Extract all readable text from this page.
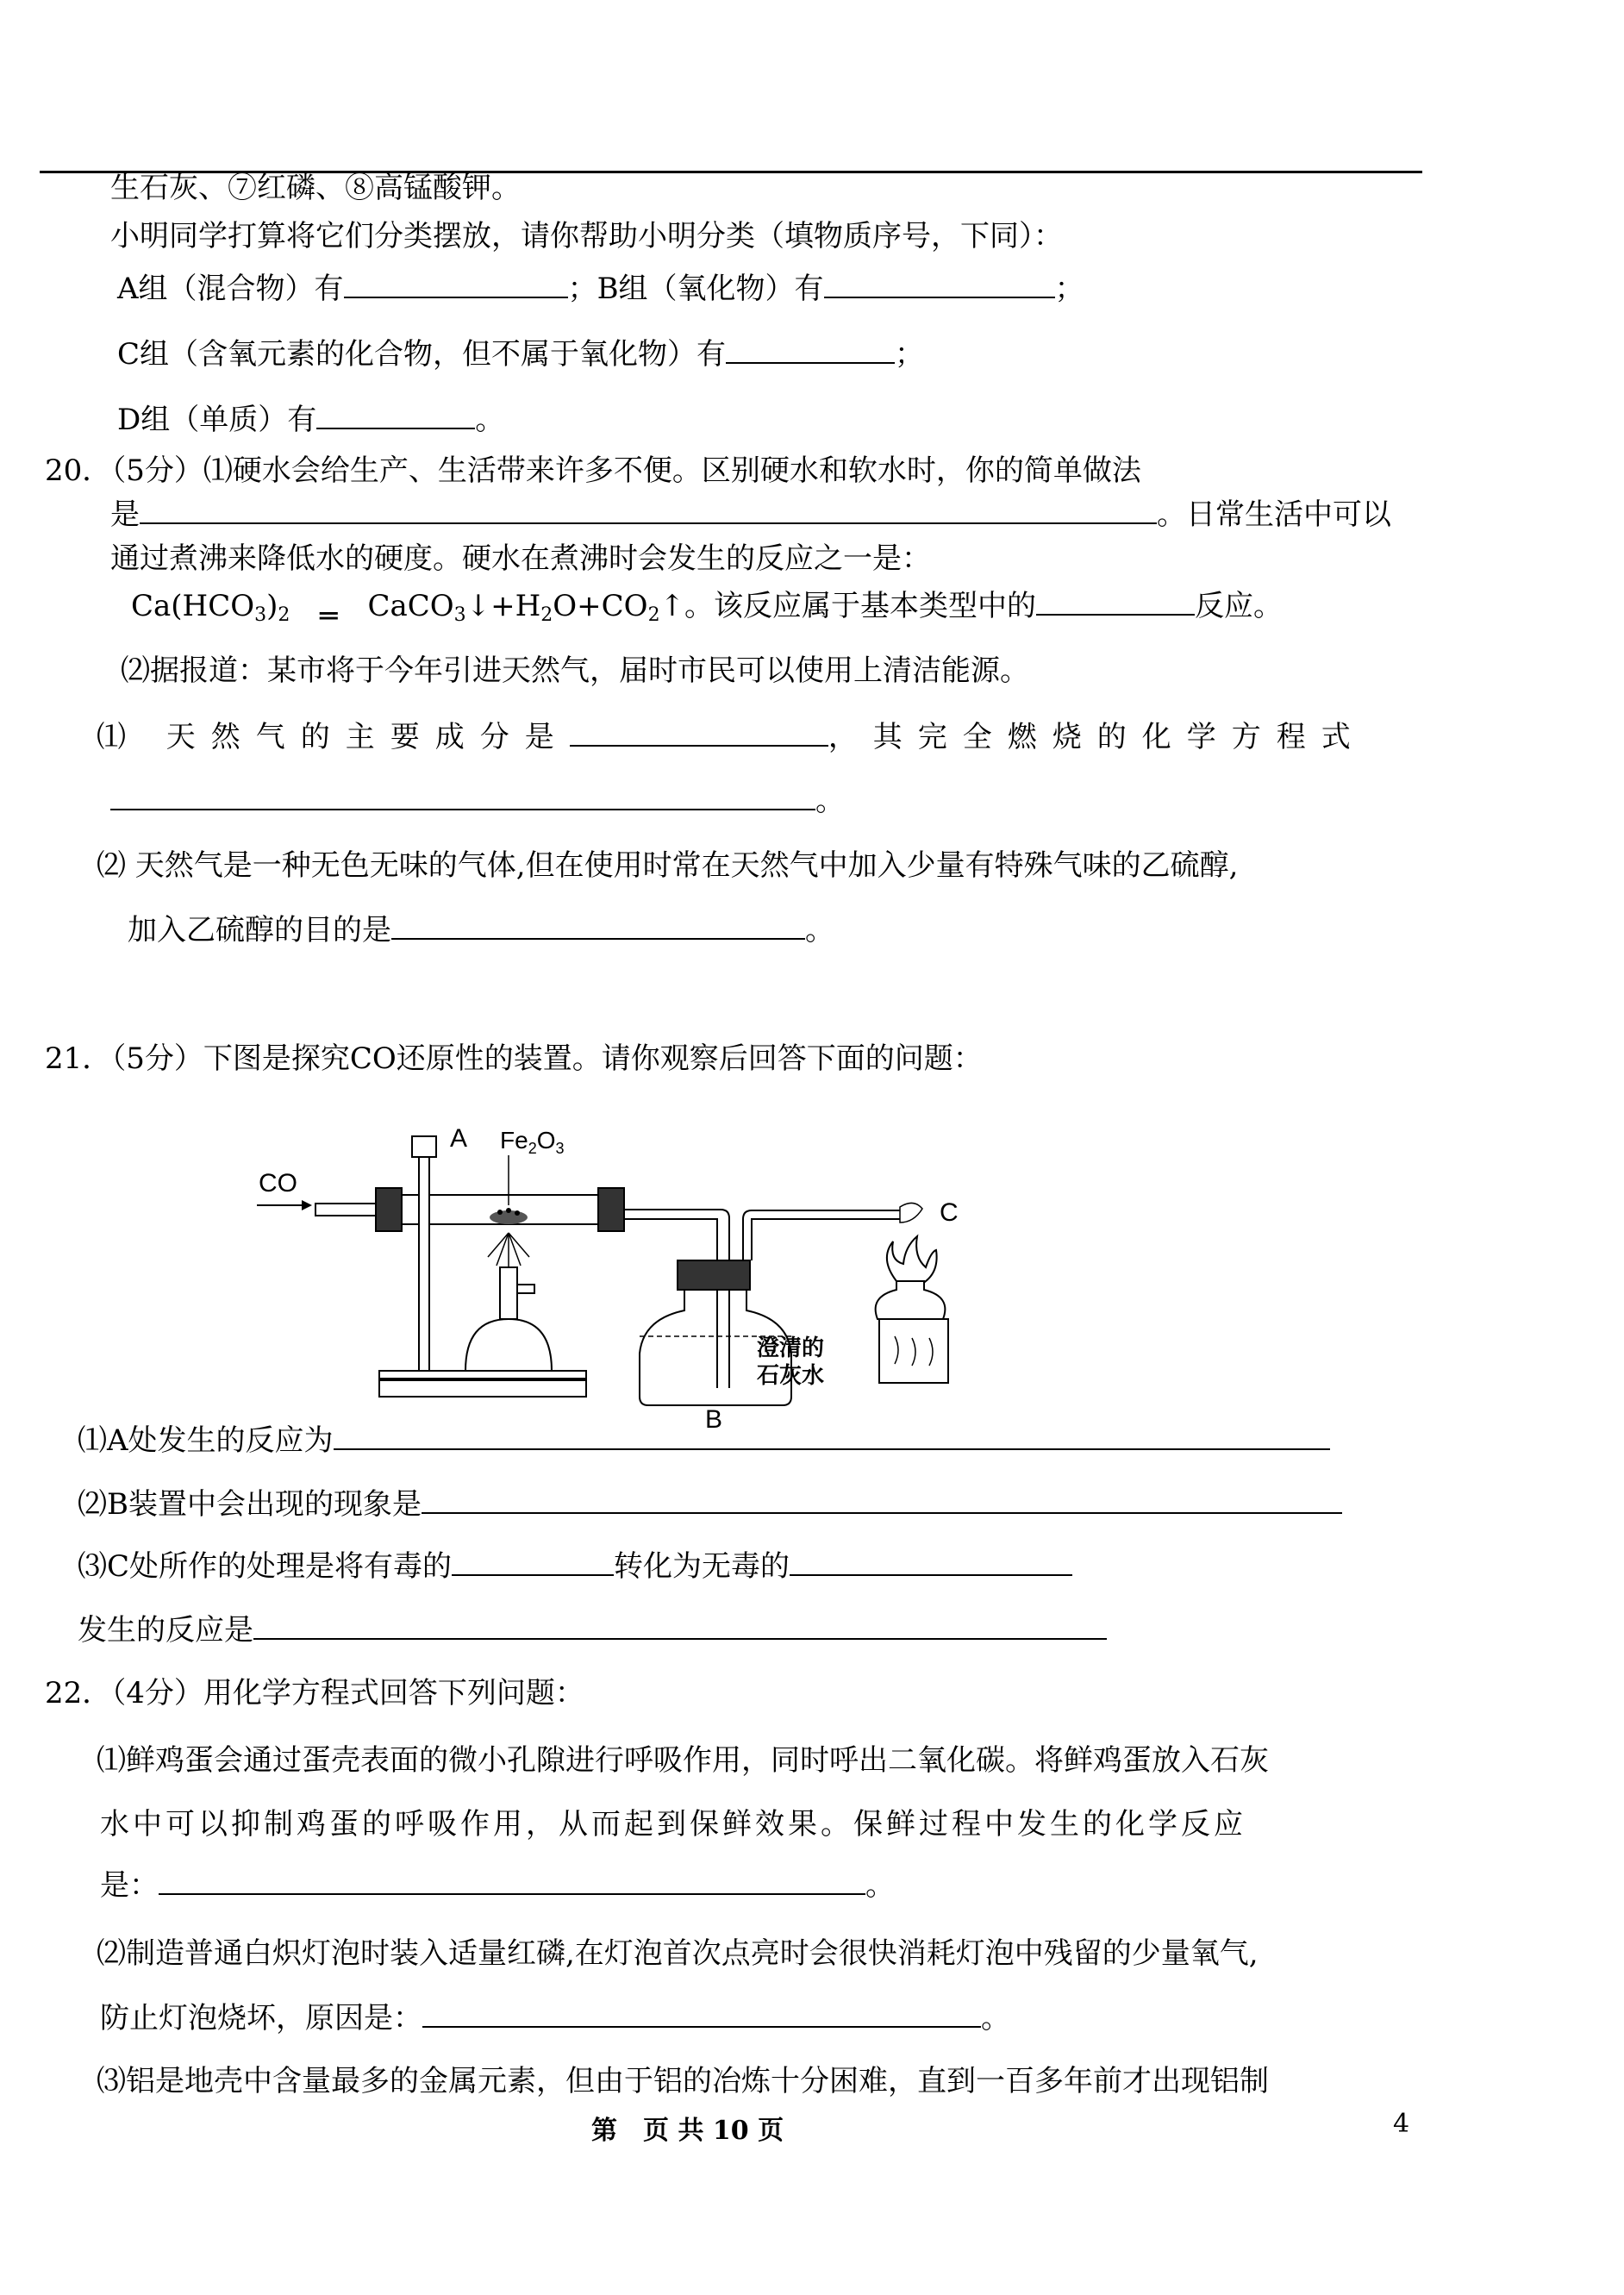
生石灰、⑦红磷、⑧高锰酸钾。
小明同学打算将它们分类摆放，请你帮助小明分类（填物质序号，下同）：
A组（混合物）有	；B组（氧化物）有	；
C组（含氧元素的化合物，但不属于氧化物）有	；
D组（单质）有	。
20．（5分）⑴硬水会给生产、生活带来许多不便。区别硬水和软水时，你的简单做法
是	。日常生活中可以
通过煮沸来降低水的硬度。硬水在煮沸时会发生的反应之一是：
$Ca(HCO_3)_2$ ═ $CaCO_3↓+H_2O+CO_2↑$。该反应属于基本类型中的	反应。
⑵据报道：某市将于今年引进天然气，届时市民可以使用上清洁能源。
⑴ 天然气的主要成分是	，其完全燃烧的化学方程式
。
⑵ 天然气是一种无色无味的气体,但在使用时常在天然气中加入少量有特殊气味的乙硫醇,
加入乙硫醇的目的是	。
21．（5分）下图是探究CO还原性的装置。请你观察后回答下面的问题：
CO
A $Fe_2O_3$
澄清的
石灰水
B
C
⑴A处发生的反应为
⑵B装置中会出现的现象是
⑶C处所作的处理是将有毒的	转化为无毒的
发生的反应是
22．（4分）用化学方程式回答下列问题：
⑴鲜鸡蛋会通过蛋壳表面的微小孔隙进行呼吸作用，同时呼出二氧化碳。将鲜鸡蛋放入石灰
水中可以抑制鸡蛋的呼吸作用，从而起到保鲜效果。保鲜过程中发生的化学反应
是：	。
⑵制造普通白炽灯泡时装入适量红磷,在灯泡首次点亮时会很快消耗灯泡中残留的少量氧气,
防止灯泡烧坏，原因是：	。
⑶铝是地壳中含量最多的金属元素，但由于铝的冶炼十分困难，直到一百多年前才出现铝制
第　页 共 10 页	4
